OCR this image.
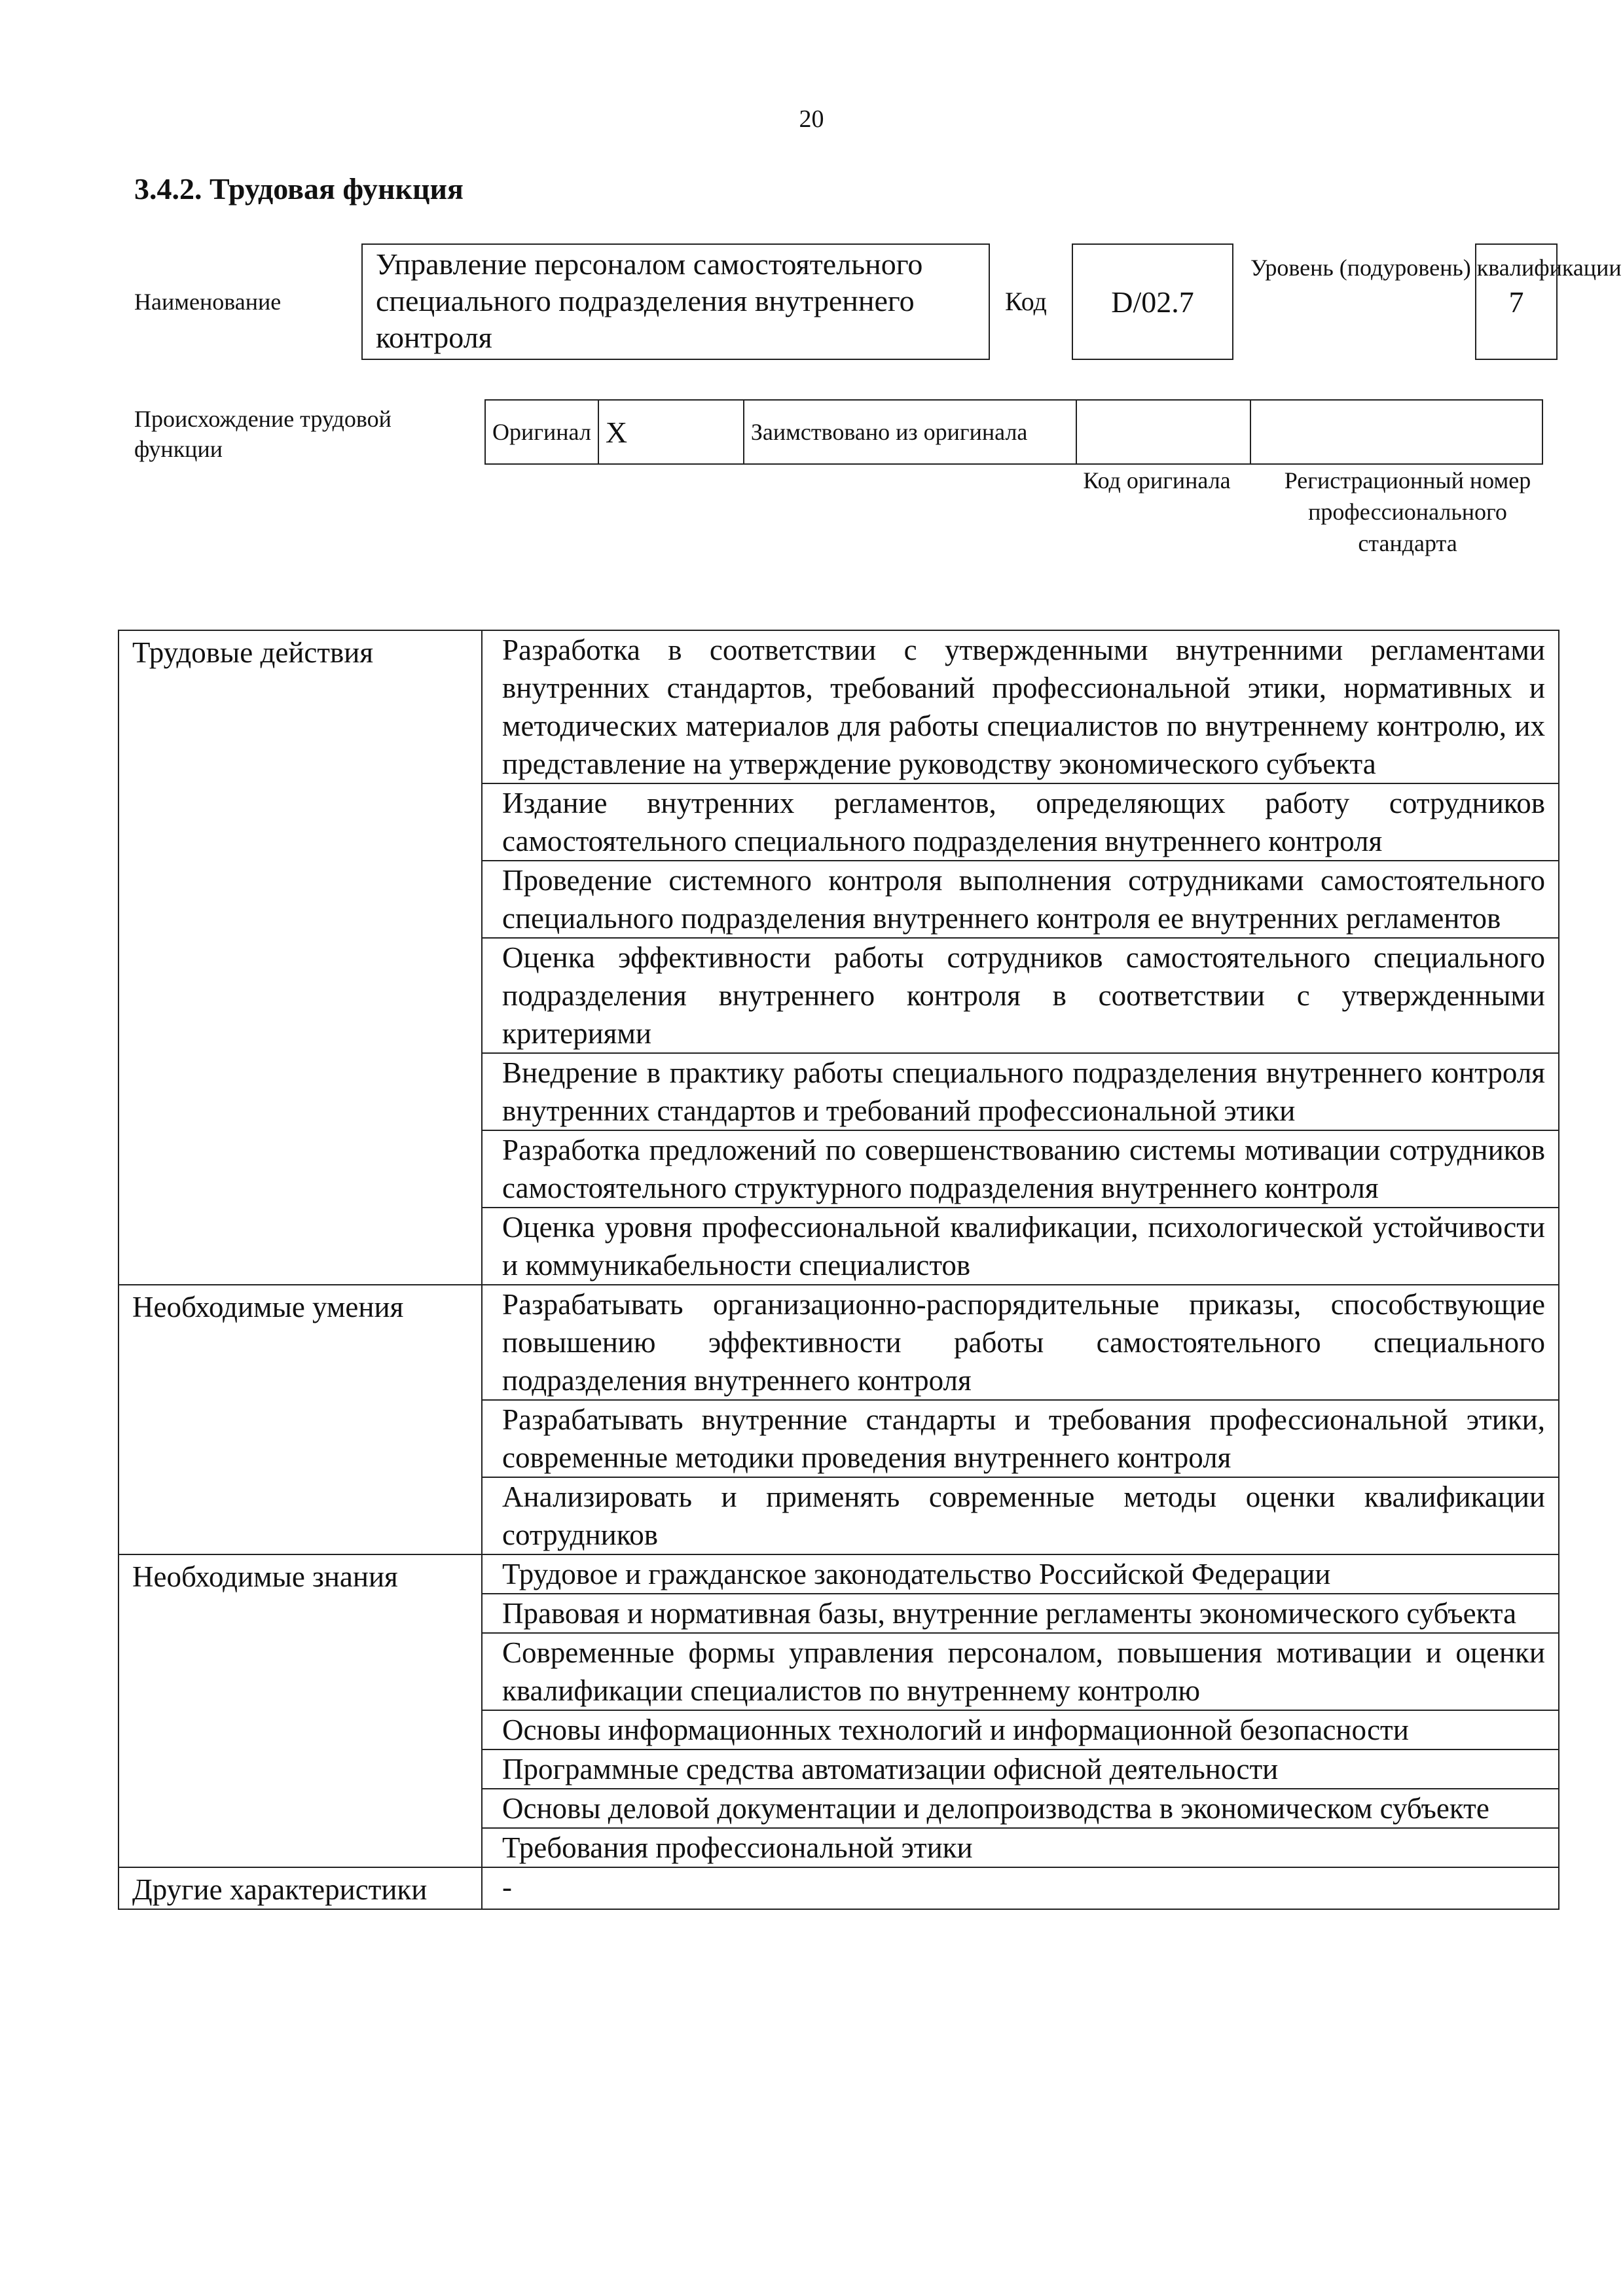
20
3.4.2. Трудовая функция
Наименование
Управление персоналом самостоятельного специального подразделения внутреннего контроля
Код	D/02.7
Уровень (подуровень) квалификации
7
Происхождение трудовой функции
Оригинал	X	Заимствовано из оригинала		
Код оригинала	Регистрационный номер профессионального стандарта
Трудовые действия	Разработка в соответствии с утвержденными внутренними регламентами внутренних стандартов, требований профессиональной этики, нормативных и методических материалов для работы специалистов по внутреннему контролю, их представление на утверждение руководству экономического субъекта
	Издание внутренних регламентов, определяющих работу сотрудников самостоятельного специального подразделения внутреннего контроля
	Проведение системного контроля выполнения сотрудниками самостоятельного специального подразделения внутреннего контроля ее внутренних регламентов
	Оценка эффективности работы сотрудников самостоятельного специального подразделения внутреннего контроля в соответствии с утвержденными критериями
	Внедрение в практику работы специального подразделения внутреннего контроля внутренних стандартов и требований профессиональной этики
	Разработка предложений по совершенствованию системы мотивации сотрудников самостоятельного структурного подразделения внутреннего контроля
	Оценка уровня профессиональной квалификации, психологической устойчивости и коммуникабельности специалистов
Необходимые умения	Разрабатывать организационно-распорядительные приказы, способствующие повышению эффективности работы самостоятельного специального подразделения внутреннего контроля
	Разрабатывать внутренние стандарты и требования профессиональной этики, современные методики проведения внутреннего контроля
	Анализировать и применять современные методы оценки квалификации сотрудников
Необходимые знания	Трудовое и гражданское законодательство Российской Федерации
	Правовая и нормативная базы, внутренние регламенты экономического субъекта
	Современные формы управления персоналом, повышения мотивации и оценки квалификации специалистов по внутреннему контролю
	Основы информационных технологий и информационной безопасности
	Программные средства автоматизации офисной деятельности
	Основы деловой документации и делопроизводства в экономическом субъекте
	Требования профессиональной этики
Другие характеристики	-
